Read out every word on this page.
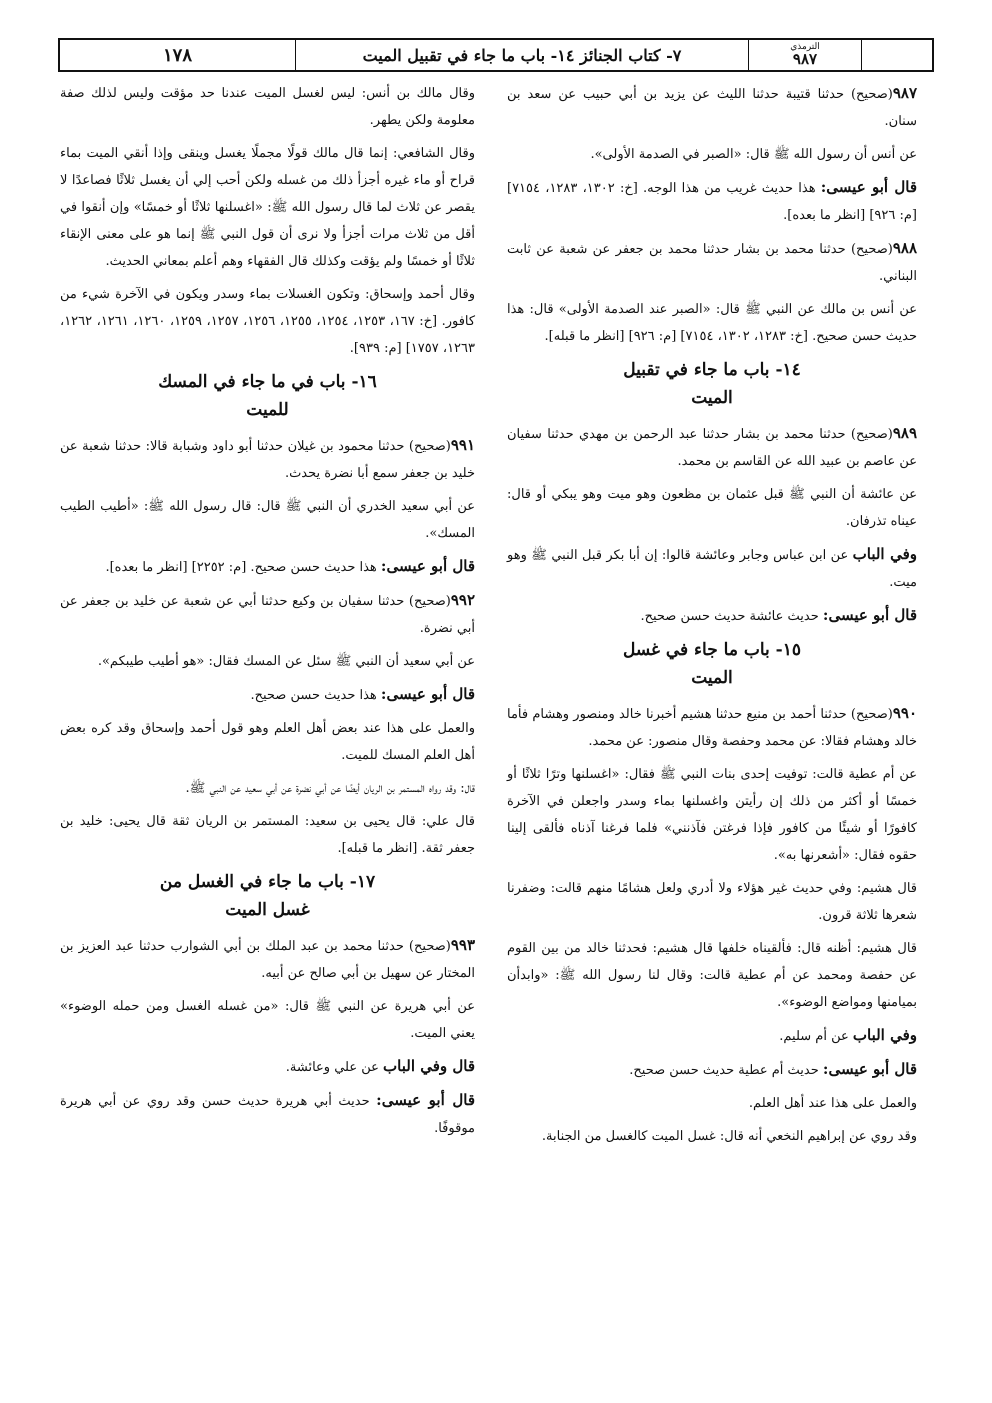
١٧٨	٧- كتاب الجنائز ١٤- باب ما جاء في تقبيل الميت	الترمذي
٩٨٧

٩٨٧(صحيح) حدثنا قتيبة حدثنا الليث عن يزيد بن أبي حبيب عن سعد بن سنان.

عن أنس أن رسول الله ﷺ قال: «الصبر في الصدمة الأولى».

قال أبو عيسى: هذا حديث غريب من هذا الوجه. [خ: ١٣٠٢، ١٢٨٣، ٧١٥٤] [م: ٩٢٦] [انظر ما بعده].

٩٨٨(صحيح) حدثنا محمد بن بشار حدثنا محمد بن جعفر عن شعبة عن ثابت البناني.

عن أنس بن مالك عن النبي ﷺ قال: «الصبر عند الصدمة الأولى» قال: هذا حديث حسن صحيح. [خ: ١٢٨٣، ١٣٠٢، ٧١٥٤] [م: ٩٢٦] [انظر ما قبله].

١٤- باب ما جاء في تقبيل
الميت

٩٨٩(صحيح) حدثنا محمد بن بشار حدثنا عبد الرحمن بن مهدي حدثنا سفيان عن عاصم بن عبيد الله عن القاسم بن محمد.

عن عائشة أن النبي ﷺ قبل عثمان بن مظعون وهو ميت وهو يبكي أو قال: عيناه تذرفان.

وفي الباب عن ابن عباس وجابر وعائشة قالوا: إن أبا بكر قبل النبي ﷺ وهو ميت.

قال أبو عيسى: حديث عائشة حديث حسن صحيح.

١٥- باب ما جاء في غسل
الميت

٩٩٠(صحيح) حدثنا أحمد بن منيع حدثنا هشيم أخبرنا خالد ومنصور وهشام فأما خالد وهشام فقالا: عن محمد وحفصة وقال منصور: عن محمد.

عن أم عطية قالت: توفيت إحدى بنات النبي ﷺ فقال: «اغسلنها وترًا ثلاثًا أو خمسًا أو أكثر من ذلك إن رأيتن واغسلنها بماء وسدر واجعلن في الآخرة كافورًا أو شيئًا من كافور فإذا فرغتن فآذنني» فلما فرغنا آذناه فألقى إلينا حقوه فقال: «أشعرنها به».

قال هشيم: وفي حديث غير هؤلاء ولا أدري ولعل هشامًا منهم قالت: وضفرنا شعرها ثلاثة قرون.

قال هشيم: أظنه قال: فألقيناه خلفها قال هشيم: فحدثنا خالد من بين القوم عن حفصة ومحمد عن أم عطية قالت: وقال لنا رسول الله ﷺ: «وابدأن بميامنها ومواضع الوضوء».

وفي الباب عن أم سليم.

قال أبو عيسى: حديث أم عطية حديث حسن صحيح.

والعمل على هذا عند أهل العلم.

وقد روي عن إبراهيم النخعي أنه قال: غسل الميت كالغسل من الجنابة.

وقال مالك بن أنس: ليس لغسل الميت عندنا حد مؤقت وليس لذلك صفة معلومة ولكن يطهر.

وقال الشافعي: إنما قال مالك قولًا مجملًا يغسل وينقى وإذا أنقي الميت بماء قراح أو ماء غيره أجزأ ذلك من غسله ولكن أحب إلي أن يغسل ثلاثًا فصاعدًا لا يقصر عن ثلاث لما قال رسول الله ﷺ: «اغسلنها ثلاثًا أو خمسًا» وإن أنقوا في أقل من ثلاث مرات أجزأ ولا نرى أن قول النبي ﷺ إنما هو على معنى الإنقاء ثلاثًا أو خمسًا ولم يؤقت وكذلك قال الفقهاء وهم أعلم بمعاني الحديث.

وقال أحمد وإسحاق: وتكون الغسلات بماء وسدر ويكون في الآخرة شيء من كافور. [خ: ١٦٧، ١٢٥٣، ١٢٥٤، ١٢٥٥، ١٢٥٦، ١٢٥٧، ١٢٥٩، ١٢٦٠، ١٢٦١، ١٢٦٢، ١٢٦٣، ١٧٥٧] [م: ٩٣٩].

١٦- باب في ما جاء في المسك
للميت

٩٩١(صحيح) حدثنا محمود بن غيلان حدثنا أبو داود وشبابة قالا: حدثنا شعبة عن خليد بن جعفر سمع أبا نضرة يحدث.

عن أبي سعيد الخدري أن النبي ﷺ قال: قال رسول الله ﷺ: «أطيب الطيب المسك».

قال أبو عيسى: هذا حديث حسن صحيح. [م: ٢٢٥٢] [انظر ما بعده].

٩٩٢(صحيح) حدثنا سفيان بن وكيع حدثنا أبي عن شعبة عن خليد بن جعفر عن أبي نضرة.

عن أبي سعيد أن النبي ﷺ سئل عن المسك فقال: «هو أطيب طيبكم».

قال أبو عيسى: هذا حديث حسن صحيح.

والعمل على هذا عند بعض أهل العلم وهو قول أحمد وإسحاق وقد كره بعض أهل العلم المسك للميت.

قال: وقد رواه المستمر بن الريان أيضًا عن أبي نضرة عن أبي سعيد عن النبي ﷺ.

قال علي: قال يحيى بن سعيد: المستمر بن الريان ثقة قال يحيى: خليد بن جعفر ثقة. [انظر ما قبله].

١٧- باب ما جاء في الغسل من
غسل الميت

٩٩٣(صحيح) حدثنا محمد بن عبد الملك بن أبي الشوارب حدثنا عبد العزيز بن المختار عن سهيل بن أبي صالح عن أبيه.

عن أبي هريرة عن النبي ﷺ قال: «من غسله الغسل ومن حمله الوضوء» يعني الميت.

قال وفي الباب عن علي وعائشة.

قال أبو عيسى: حديث أبي هريرة حديث حسن وقد روي عن أبي هريرة موقوفًا.
